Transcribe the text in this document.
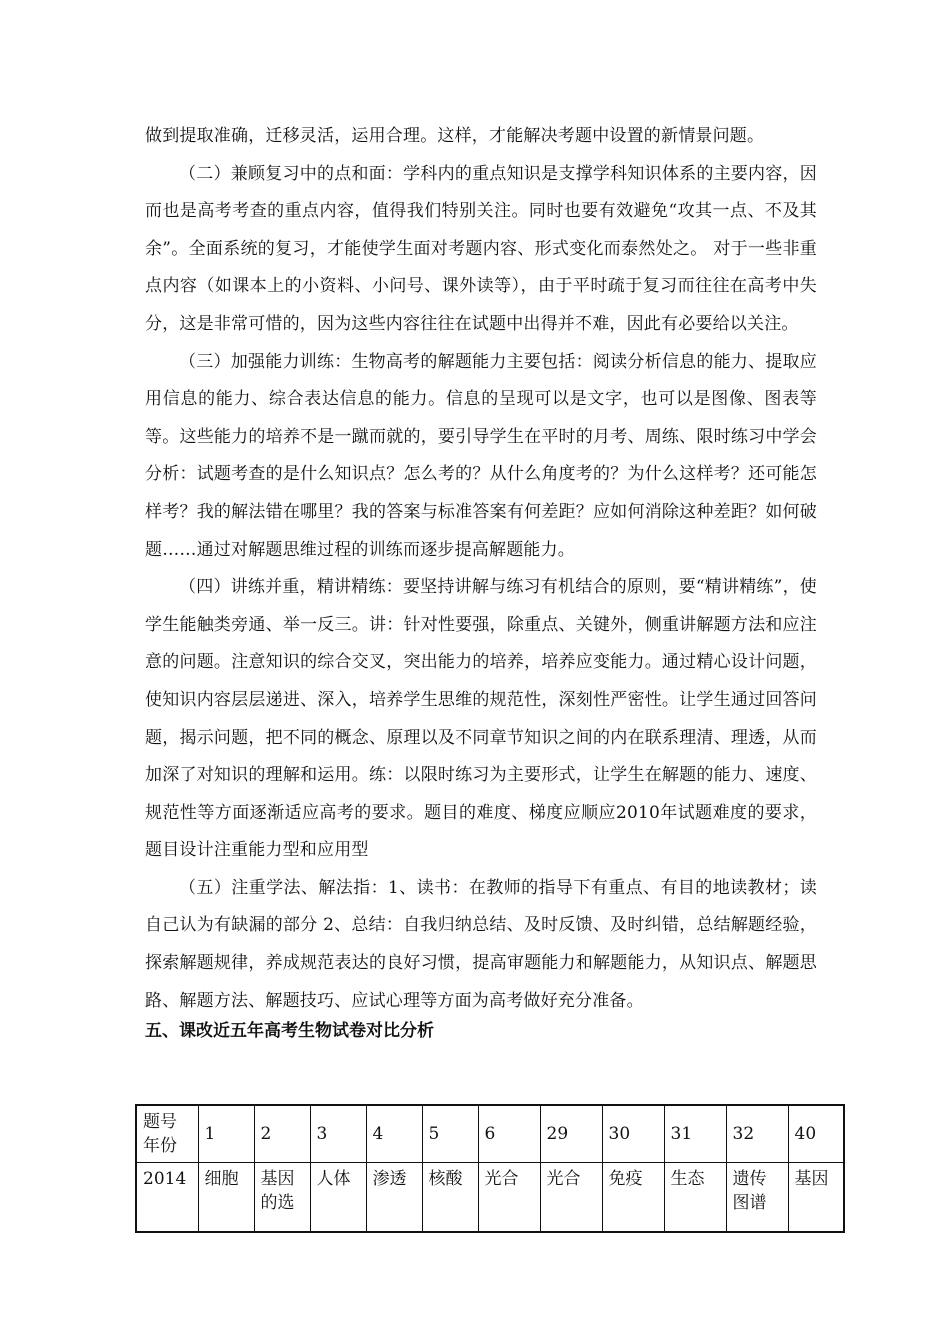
做到提取准确，迁移灵活，运用合理。这样，才能解决考题中设置的新情景问题。

（二）兼顾复习中的点和面：学科内的重点知识是支撑学科知识体系的主要内容，因而也是高考考查的重点内容，值得我们特别关注。同时也要有效避免“攻其一点、不及其余”。全面系统的复习，才能使学生面对考题内容、形式变化而泰然处之。 对于一些非重点内容（如课本上的小资料、小问号、课外读等），由于平时疏于复习而往往在高考中失分，这是非常可惜的，因为这些内容往往在试题中出得并不难，因此有必要给以关注。

（三）加强能力训练：生物高考的解题能力主要包括：阅读分析信息的能力、提取应用信息的能力、综合表达信息的能力。信息的呈现可以是文字，也可以是图像、图表等等。这些能力的培养不是一蹴而就的，要引导学生在平时的月考、周练、限时练习中学会分析：试题考查的是什么知识点？怎么考的？从什么角度考的？为什么这样考？还可能怎样考？我的解法错在哪里？我的答案与标准答案有何差距？应如何消除这种差距？如何破题……通过对解题思维过程的训练而逐步提高解题能力。

（四）讲练并重，精讲精练：要坚持讲解与练习有机结合的原则，要“精讲精练”，使学生能触类旁通、举一反三。讲：针对性要强，除重点、关键外，侧重讲解题方法和应注意的问题。注意知识的综合交叉，突出能力的培养，培养应变能力。通过精心设计问题，使知识内容层层递进、深入，培养学生思维的规范性，深刻性严密性。让学生通过回答问题，揭示问题，把不同的概念、原理以及不同章节知识之间的内在联系理清、理透，从而加深了对知识的理解和运用。练：以限时练习为主要形式，让学生在解题的能力、速度、规范性等方面逐渐适应高考的要求。题目的难度、梯度应顺应2010年试题难度的要求，题目设计注重能力型和应用型

（五）注重学法、解法指：1、读书：在教师的指导下有重点、有目的地读教材；读自己认为有缺漏的部分 2、总结：自我归纳总结、及时反馈、及时纠错，总结解题经验，探索解题规律，养成规范表达的良好习惯，提高审题能力和解题能力，从知识点、解题思路、解题方法、解题技巧、应试心理等方面为高考做好充分准备。

五、课改近五年高考生物试卷对比分析
题号
年份	1	2	3	4	5	6	29	30	31	32	40
2014	细胞	基因的选	人体	渗透	核酸	光合	光合	免疫	生态	遗传图谱	基因
